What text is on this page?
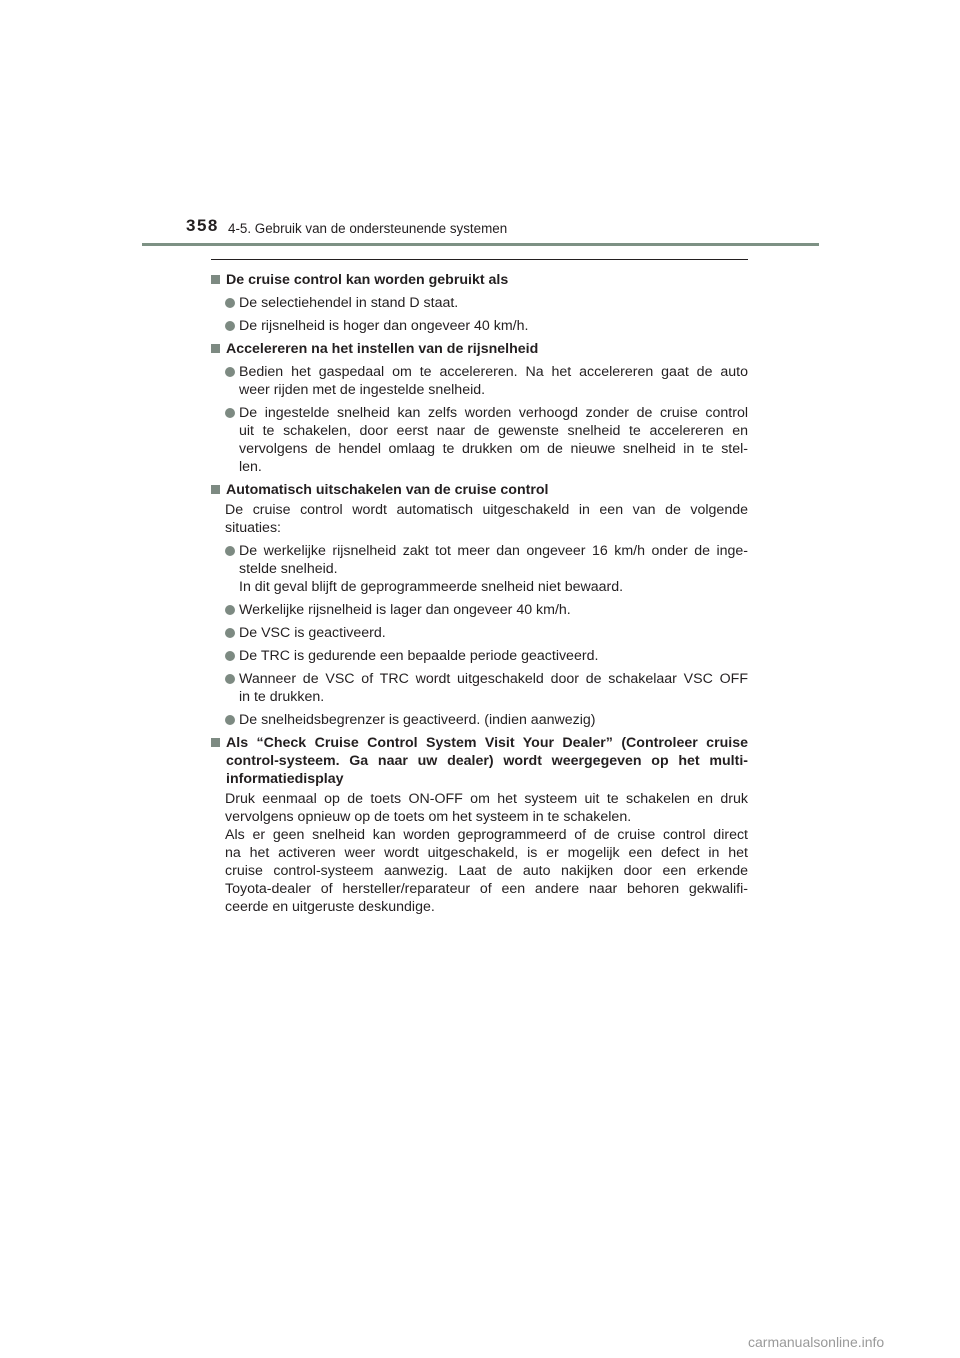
358 4-5. Gebruik van de ondersteunende systemen
De cruise control kan worden gebruikt als
De selectiehendel in stand D staat.
De rijsnelheid is hoger dan ongeveer 40 km/h.
Accelereren na het instellen van de rijsnelheid
Bedien het gaspedaal om te accelereren. Na het accelereren gaat de auto
weer rijden met de ingestelde snelheid.
De ingestelde snelheid kan zelfs worden verhoogd zonder de cruise control
uit te schakelen, door eerst naar de gewenste snelheid te accelereren en
vervolgens de hendel omlaag te drukken om de nieuwe snelheid in te stel-
len.
Automatisch uitschakelen van de cruise control
De cruise control wordt automatisch uitgeschakeld in een van de volgende
situaties:
De werkelijke rijsnelheid zakt tot meer dan ongeveer 16 km/h onder de inge-
stelde snelheid.
In dit geval blijft de geprogrammeerde snelheid niet bewaard.
Werkelijke rijsnelheid is lager dan ongeveer 40 km/h.
De VSC is geactiveerd.
De TRC is gedurende een bepaalde periode geactiveerd.
Wanneer de VSC of TRC wordt uitgeschakeld door de schakelaar VSC OFF
in te drukken.
De snelheidsbegrenzer is geactiveerd. (indien aanwezig)
Als “Check Cruise Control System Visit Your Dealer” (Controleer cruise
control-systeem. Ga naar uw dealer) wordt weergegeven op het multi-
informatiedisplay
Druk eenmaal op de toets ON-OFF om het systeem uit te schakelen en druk
vervolgens opnieuw op de toets om het systeem in te schakelen.
Als er geen snelheid kan worden geprogrammeerd of de cruise control direct
na het activeren weer wordt uitgeschakeld, is er mogelijk een defect in het
cruise control-systeem aanwezig. Laat de auto nakijken door een erkende
Toyota-dealer of hersteller/reparateur of een andere naar behoren gekwalifi-
ceerde en uitgeruste deskundige.
carmanualsonline.info
